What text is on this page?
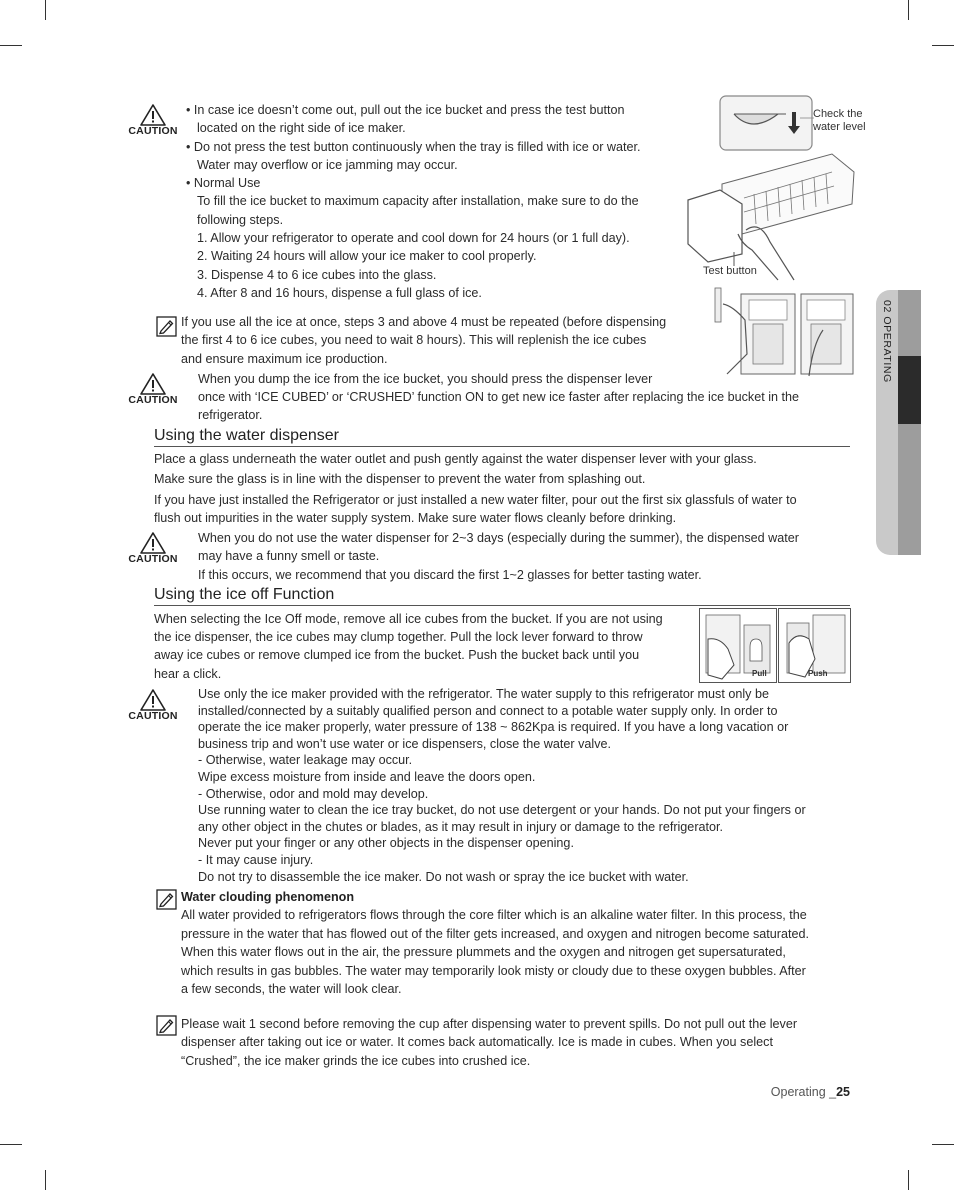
02 OPERATING
CAUTION

• In case ice doesn’t come out, pull out the ice bucket and press the test button

located on the right side of ice maker.

• Do not press the test button continuously when the tray is filled with ice or water.

Water may overflow or ice jamming may occur.

• Normal Use

To fill the ice bucket to maximum capacity after installation, make sure to do the

following steps.

1. Allow your refrigerator to operate and cool down for 24 hours (or 1 full day).

2. Waiting 24 hours will allow your ice maker to cool properly.

3. Dispense 4 to 6 ice cubes into the glass.

4. After 8 and 16 hours, dispense a full glass of ice.

Check the water level

Test button

If you use all the ice at once, steps 3 and above 4 must be repeated (before dispensing

the first 4 to 6 ice cubes, you need to wait 8 hours). This will replenish the ice cubes

and ensure maximum ice production.

CAUTION

When you dump the ice from the ice bucket, you should press the dispenser lever

once with ‘ICE CUBED’ or ‘CRUSHED’ function ON to get new ice faster after replacing the ice bucket in the

refrigerator.

Using the water dispenser

Place a glass underneath the water outlet and push gently against the water dispenser lever with your glass.

Make sure the glass is in line with the dispenser to prevent the water from splashing out.

If you have just installed the Refrigerator or just installed a new water filter, pour out the first six glassfuls of water to

flush out impurities in the water supply system. Make sure water flows cleanly before drinking.

CAUTION

When you do not use the water dispenser for 2~3 days (especially during the summer), the dispensed water

may have a funny smell or taste.

If this occurs, we recommend that you discard the first 1~2 glasses for better tasting water.

Using the ice off Function

When selecting the Ice Off mode, remove all ice cubes from the bucket. If you are not using

the ice dispenser, the ice cubes may clump together. Pull the lock lever forward to throw

away ice cubes or remove clumped ice from the bucket. Push the bucket back until you

hear a click.	Pull	Push
CAUTION
Use only the ice maker provided with the refrigerator. The water supply to this refrigerator must only be
installed/connected by a suitably qualified person and connect to a potable water supply only. In order to
operate the ice maker properly, water pressure of 138 ~ 862Kpa is required. If you have a long vacation or
business trip and won’t use water or ice dispensers, close the water valve.
- Otherwise, water leakage may occur.
Wipe excess moisture from inside and leave the doors open.
- Otherwise, odor and mold may develop.
Use running water to clean the ice tray bucket, do not use detergent or your hands. Do not put your fingers or
any other object in the chutes or blades, as it may result in injury or damage to the refrigerator.
Never put your finger or any other objects in the dispenser opening.
- It may cause injury.
Do not try to disassemble the ice maker. Do not wash or spray the ice bucket with water.

Water clouding phenomenon

All water provided to refrigerators flows through the core filter which is an alkaline water filter. In this process, the
pressure in the water that has flowed out of the filter gets increased, and oxygen and nitrogen become saturated.
When this water flows out in the air, the pressure plummets and the oxygen and nitrogen get supersaturated,
which results in gas bubbles. The water may temporarily look misty or cloudy due to these oxygen bubbles. After
a few seconds, the water will look clear.
Please wait 1 second before removing the cup after dispensing water to prevent spills. Do not pull out the lever
dispenser after taking out ice or water. It comes back automatically. Ice is made in cubes. When you select
“Crushed”, the ice maker grinds the ice cubes into crushed ice.
Operating _25
